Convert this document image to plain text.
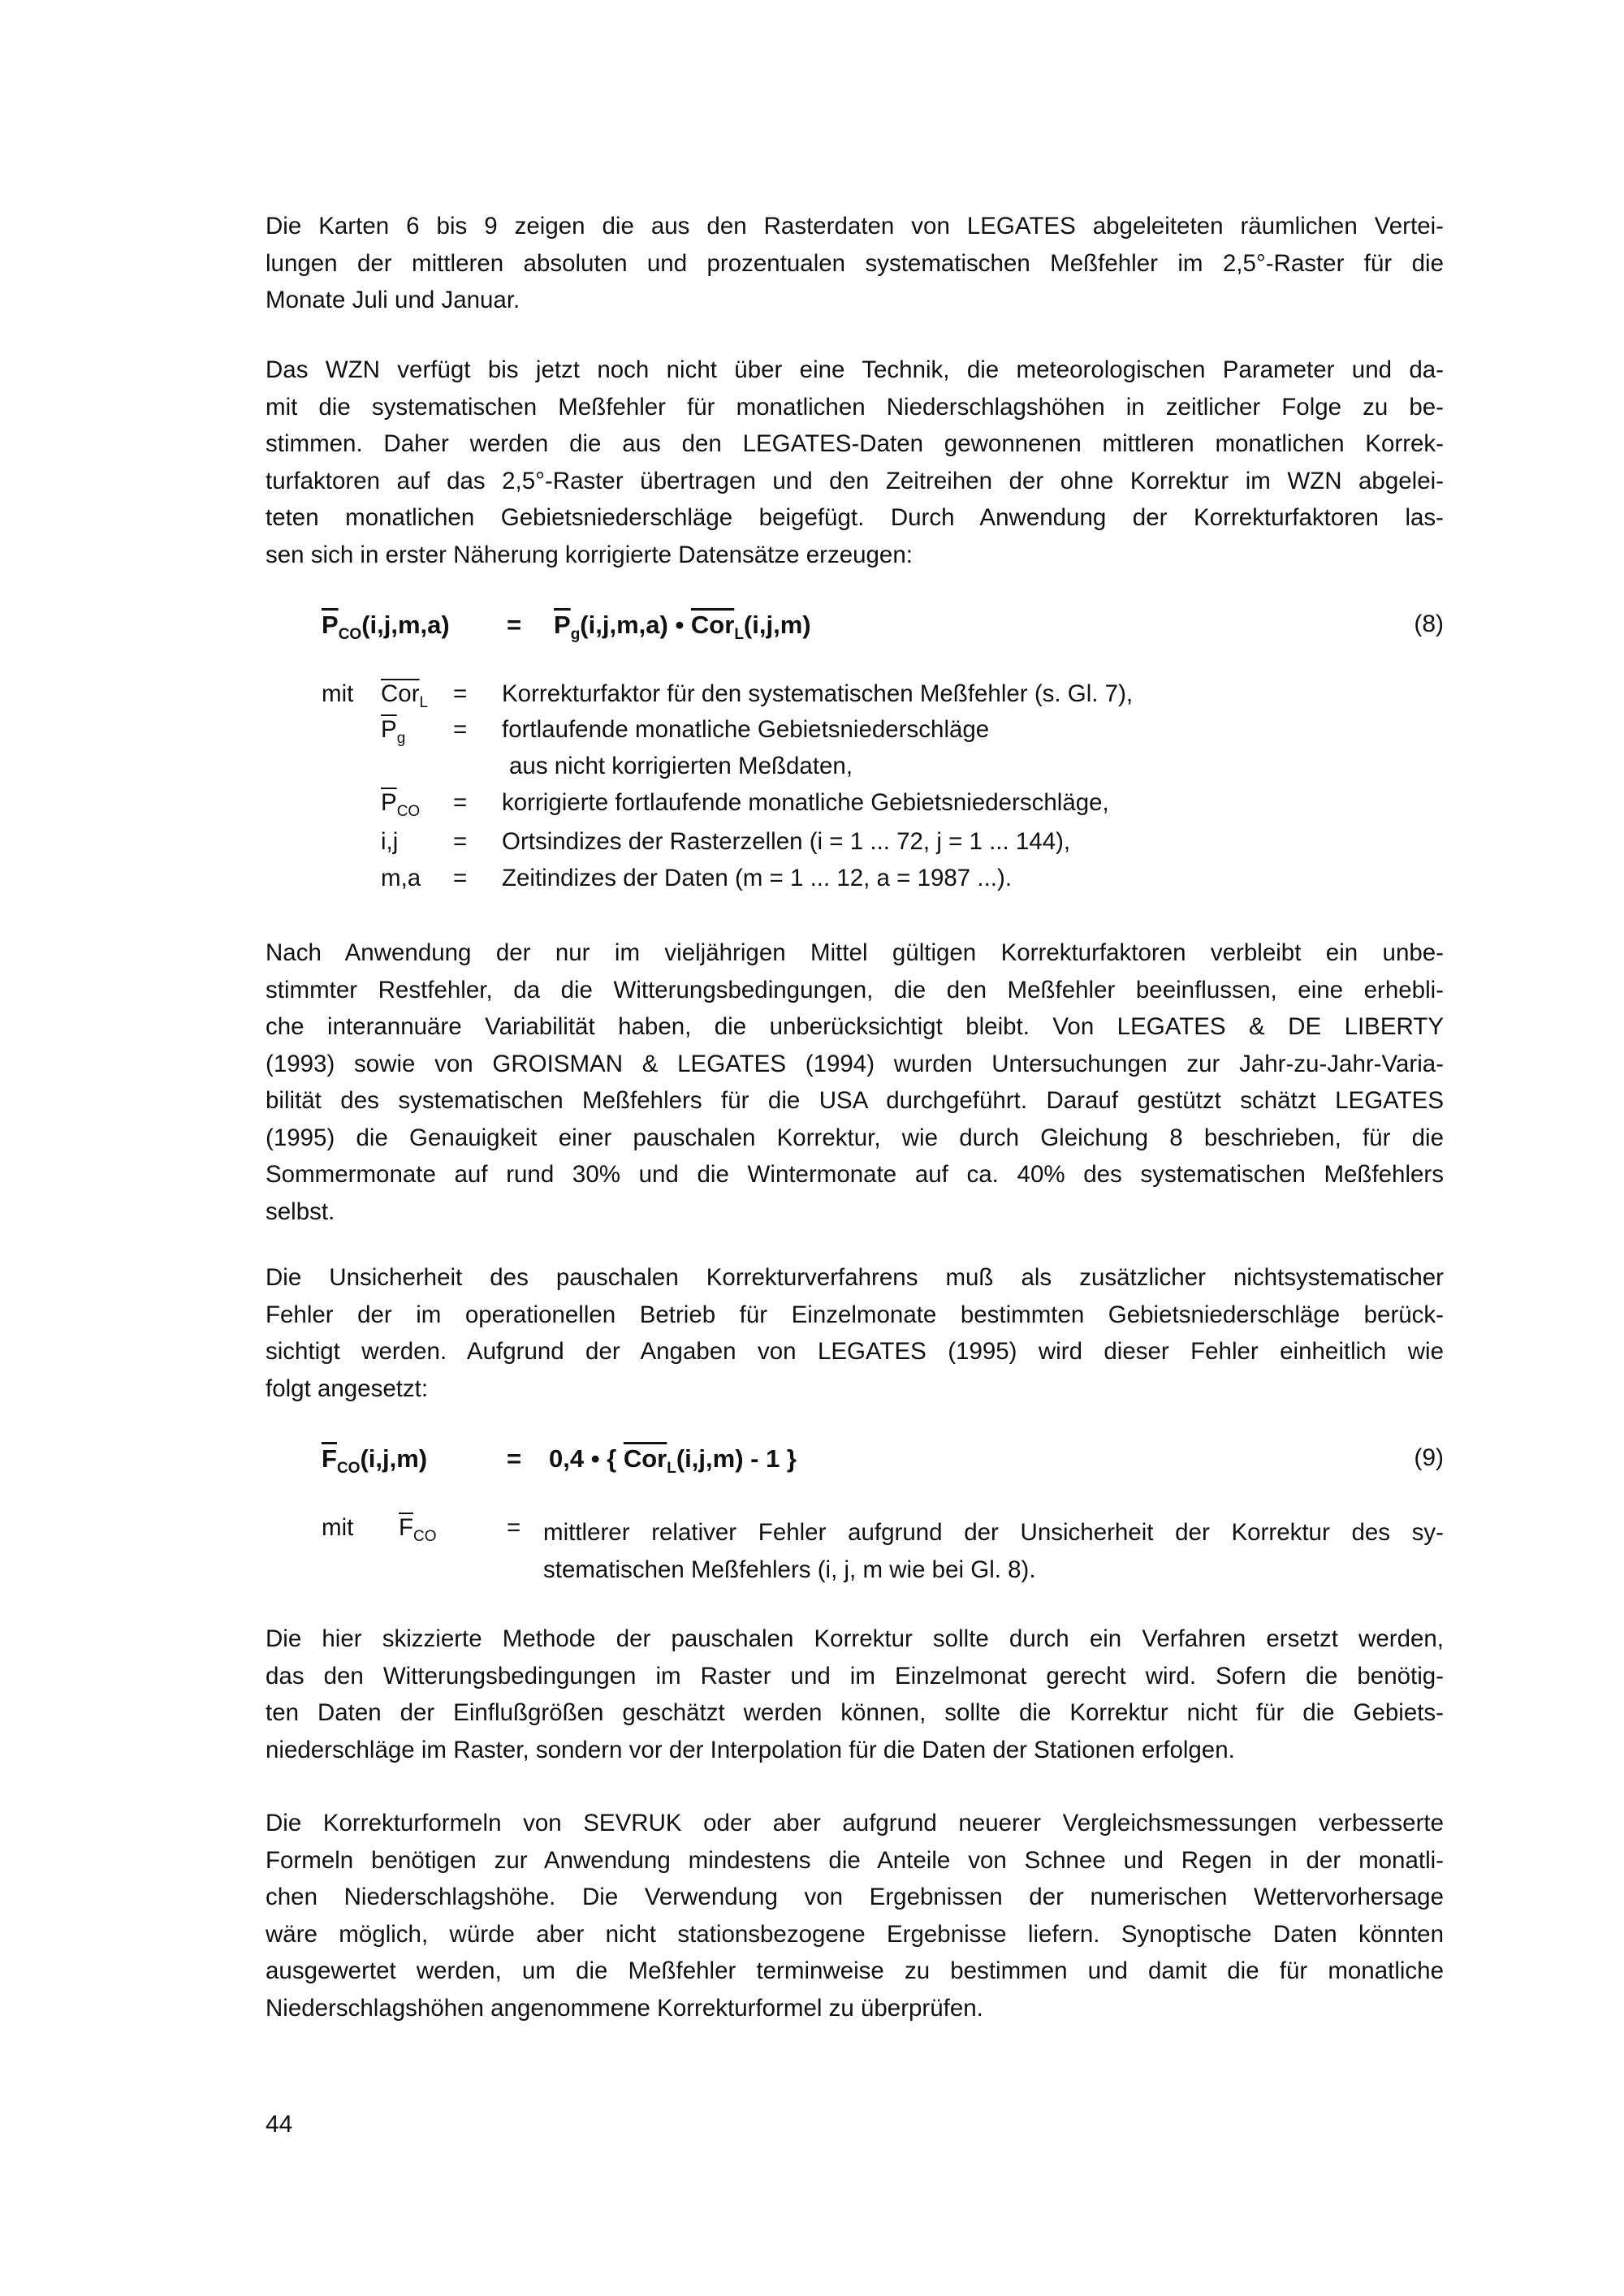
Die Karten 6 bis 9 zeigen die aus den Rasterdaten von LEGATES abgeleiteten räumlichen Vertei-
lungen der mittleren absoluten und prozentualen systematischen Meßfehler im 2,5°-Raster für die
Monate Juli und Januar.
Das WZN verfügt bis jetzt noch nicht über eine Technik, die meteorologischen Parameter und da-
mit die systematischen Meßfehler für monatlichen Niederschlagshöhen in zeitlicher Folge zu be-
stimmen. Daher werden die aus den LEGATES-Daten gewonnenen mittleren monatlichen Korrek-
turfaktoren auf das 2,5°-Raster übertragen und den Zeitreihen der ohne Korrektur im WZN abgelei-
teten monatlichen Gebietsniederschläge beigefügt. Durch Anwendung der Korrekturfaktoren las-
sen sich in erster Näherung korrigierte Datensätze erzeugen:
$\overline{P}_{CO}(i,j,m,a) = \overline{P}_g(i,j,m,a)$ • $\overline{Cor}_L(i,j,m)$	(8)
mit $\overline{Cor}_L$ = Korrekturfaktor für den systematischen Meßfehler (s. Gl. 7),
$\overline{P}_g$ = fortlaufende monatliche Gebietsniederschläge
aus nicht korrigierten Meßdaten,
$\overline{P}_{CO}$ = korrigierte fortlaufende monatliche Gebietsniederschläge,
i,j = Ortsindizes der Rasterzellen (i = 1 ... 72, j = 1 ... 144),
m,a = Zeitindizes der Daten (m = 1 ... 12, a = 1987 ...).
Nach Anwendung der nur im vieljährigen Mittel gültigen Korrekturfaktoren verbleibt ein unbe-
stimmter Restfehler, da die Witterungsbedingungen, die den Meßfehler beeinflussen, eine erhebli-
che interannuäre Variabilität haben, die unberücksichtigt bleibt. Von LEGATES & DE LIBERTY
(1993) sowie von GROISMAN & LEGATES (1994) wurden Untersuchungen zur Jahr-zu-Jahr-Varia-
bilität des systematischen Meßfehlers für die USA durchgeführt. Darauf gestützt schätzt LEGATES
(1995) die Genauigkeit einer pauschalen Korrektur, wie durch Gleichung 8 beschrieben, für die
Sommermonate auf rund 30% und die Wintermonate auf ca. 40% des systematischen Meßfehlers
selbst.
Die Unsicherheit des pauschalen Korrekturverfahrens muß als zusätzlicher nichtsystematischer
Fehler der im operationellen Betrieb für Einzelmonate bestimmten Gebietsniederschläge berück-
sichtigt werden. Aufgrund der Angaben von LEGATES (1995) wird dieser Fehler einheitlich wie
folgt angesetzt:
$\overline{F}_{CO}(i,j,m)$	= 0,4 • { $\overline{Cor}_L(i,j,m) - 1$ }	(9)
mit $\overline{F}_{CO}$	= mittlerer relativer Fehler aufgrund der Unsicherheit der Korrektur des sy-
stematischen Meßfehlers (i, j, m wie bei Gl. 8).
Die hier skizzierte Methode der pauschalen Korrektur sollte durch ein Verfahren ersetzt werden,
das den Witterungsbedingungen im Raster und im Einzelmonat gerecht wird. Sofern die benötig-
ten Daten der Einflußgrößen geschätzt werden können, sollte die Korrektur nicht für die Gebiets-
niederschläge im Raster, sondern vor der Interpolation für die Daten der Stationen erfolgen.
Die Korrekturformeln von SEVRUK oder aber aufgrund neuerer Vergleichsmessungen verbesserte
Formeln benötigen zur Anwendung mindestens die Anteile von Schnee und Regen in der monatli-
chen Niederschlagshöhe. Die Verwendung von Ergebnissen der numerischen Wettervorhersage
wäre möglich, würde aber nicht stationsbezogene Ergebnisse liefern. Synoptische Daten könnten
ausgewertet werden, um die Meßfehler terminweise zu bestimmen und damit die für monatliche
Niederschlagshöhen angenommene Korrekturformel zu überprüfen.
44
